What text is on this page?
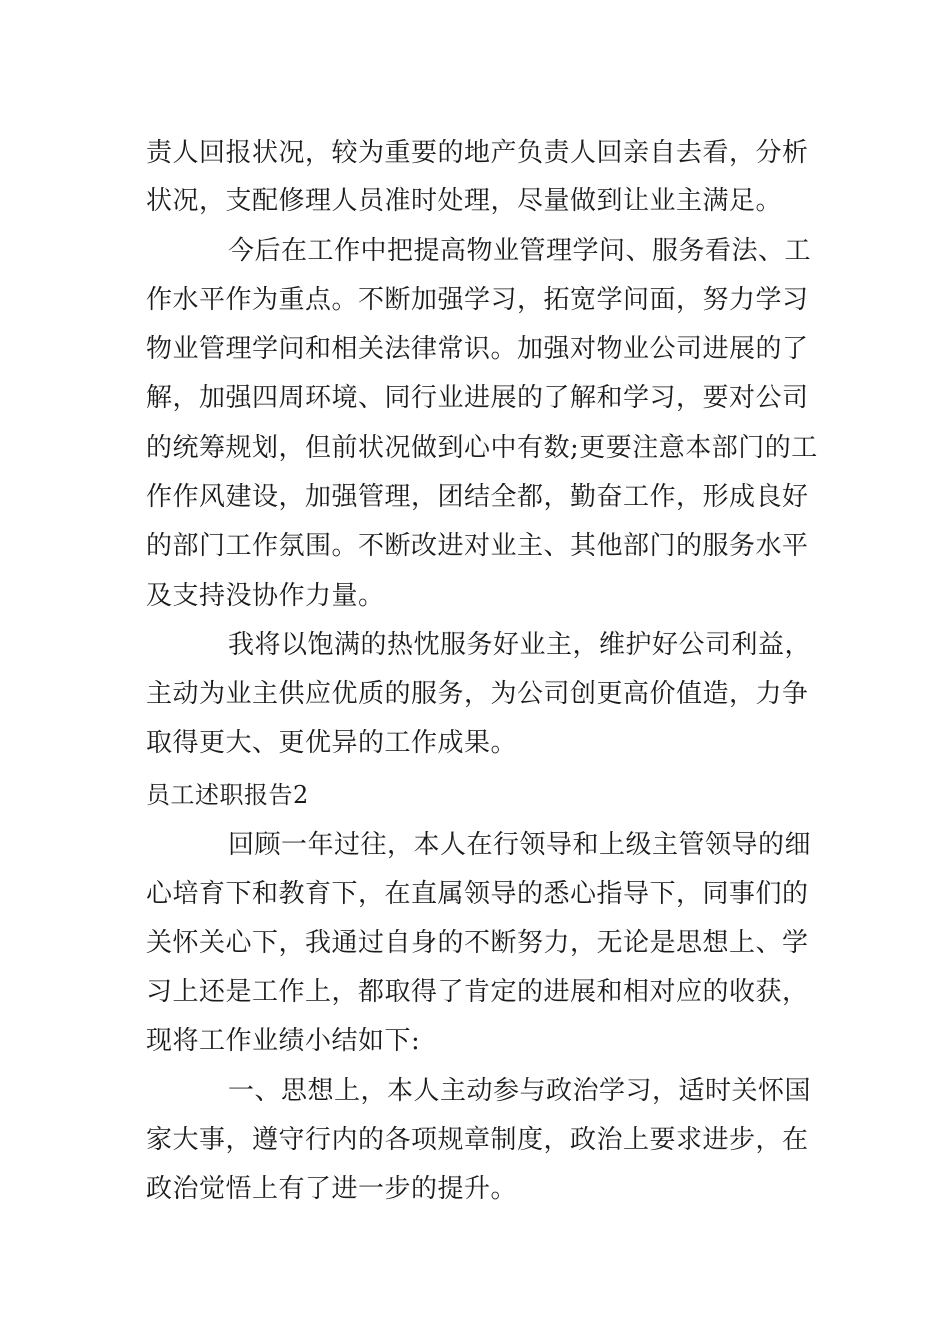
责人回报状况，较为重要的地产负责人回亲自去看，分析
状况，支配修理人员准时处理，尽量做到让业主满足。
今后在工作中把提高物业管理学问、服务看法、工
作水平作为重点。不断加强学习，拓宽学问面，努力学习
物业管理学问和相关法律常识。加强对物业公司进展的了
解，加强四周环境、同行业进展的了解和学习，要对公司
的统筹规划，但前状况做到心中有数;更要注意本部门的工
作作风建设，加强管理，团结全都，勤奋工作，形成良好
的部门工作氛围。不断改进对业主、其他部门的服务水平
及支持没协作力量。
我将以饱满的热忱服务好业主，维护好公司利益，
主动为业主供应优质的服务，为公司创更高价值造，力争
取得更大、更优异的工作成果。
员工述职报告2
回顾一年过往，本人在行领导和上级主管领导的细
心培育下和教育下，在直属领导的悉心指导下，同事们的
关怀关心下，我通过自身的不断努力，无论是思想上、学
习上还是工作上，都取得了肯定的进展和相对应的收获，
现将工作业绩小结如下:
一、思想上，本人主动参与政治学习，适时关怀国
家大事，遵守行内的各项规章制度，政治上要求进步，在
政治觉悟上有了进一步的提升。
